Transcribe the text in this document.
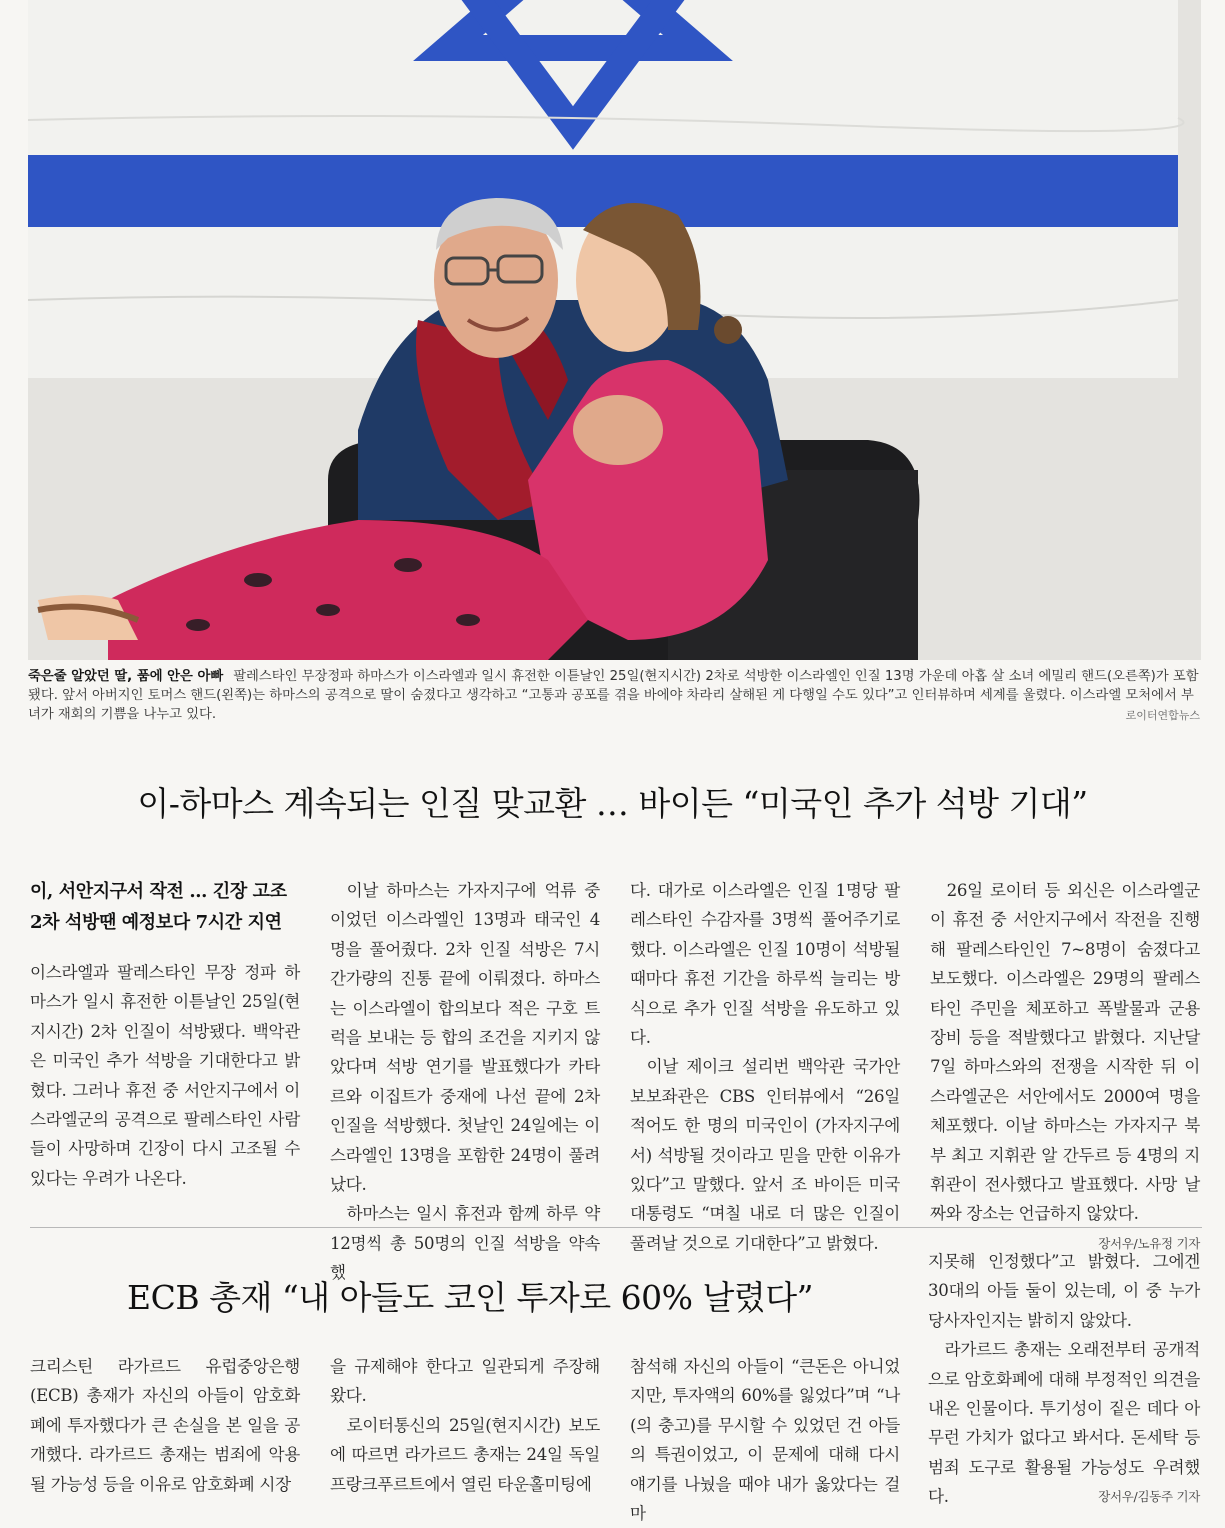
죽은줄 알았던 딸, 품에 안은 아빠 팔레스타인 무장정파 하마스가 이스라엘과 일시 휴전한 이튿날인 25일(현지시간) 2차로 석방한 이스라엘인 인질 13명 가운데 아홉 살 소녀 에밀리 핸드(오른쪽)가 포함됐다. 앞서 아버지인 토머스 핸드(왼쪽)는 하마스의 공격으로 딸이 숨졌다고 생각하고 “고통과 공포를 겪을 바에야 차라리 살해된 게 다행일 수도 있다”고 인터뷰하며 세계를 울렸다. 이스라엘 모처에서 부녀가 재회의 기쁨을 나누고 있다.	로이터연합뉴스
이-하마스 계속되는 인질 맞교환 … 바이든 “미국인 추가 석방 기대”
이, 서안지구서 작전 … 긴장 고조
2차 석방땐 예정보다 7시간 지연
이스라엘과 팔레스타인 무장 정파 하마스가 일시 휴전한 이튿날인 25일(현지시간) 2차 인질이 석방됐다. 백악관은 미국인 추가 석방을 기대한다고 밝혔다. 그러나 휴전 중 서안지구에서 이스라엘군의 공격으로 팔레스타인 사람들이 사망하며 긴장이 다시 고조될 수 있다는 우려가 나온다.
이날 하마스는 가자지구에 억류 중이었던 이스라엘인 13명과 태국인 4명을 풀어줬다. 2차 인질 석방은 7시간가량의 진통 끝에 이뤄졌다. 하마스는 이스라엘이 합의보다 적은 구호 트럭을 보내는 등 합의 조건을 지키지 않았다며 석방 연기를 발표했다가 카타르와 이집트가 중재에 나선 끝에 2차 인질을 석방했다. 첫날인 24일에는 이스라엘인 13명을 포함한 24명이 풀려났다.
하마스는 일시 휴전과 함께 하루 약 12명씩 총 50명의 인질 석방을 약속했
다. 대가로 이스라엘은 인질 1명당 팔레스타인 수감자를 3명씩 풀어주기로 했다. 이스라엘은 인질 10명이 석방될 때마다 휴전 기간을 하루씩 늘리는 방식으로 추가 인질 석방을 유도하고 있다.
이날 제이크 설리번 백악관 국가안보보좌관은 CBS 인터뷰에서 “26일 적어도 한 명의 미국인이 (가자지구에서) 석방될 것이라고 믿을 만한 이유가 있다”고 말했다. 앞서 조 바이든 미국 대통령도 “며칠 내로 더 많은 인질이 풀려날 것으로 기대한다”고 밝혔다.
26일 로이터 등 외신은 이스라엘군이 휴전 중 서안지구에서 작전을 진행해 팔레스타인인 7~8명이 숨졌다고 보도했다. 이스라엘은 29명의 팔레스타인 주민을 체포하고 폭발물과 군용 장비 등을 적발했다고 밝혔다. 지난달 7일 하마스와의 전쟁을 시작한 뒤 이스라엘군은 서안에서도 2000여 명을 체포했다. 이날 하마스는 가자지구 북부 최고 지휘관 알 간두르 등 4명의 지휘관이 전사했다고 발표했다. 사망 날짜와 장소는 언급하지 않았다.
장서우/노유정 기자
ECB 총재 “내 아들도 코인 투자로 60% 날렸다”
크리스틴 라가르드 유럽중앙은행(ECB) 총재가 자신의 아들이 암호화폐에 투자했다가 큰 손실을 본 일을 공개했다. 라가르드 총재는 범죄에 악용될 가능성 등을 이유로 암호화폐 시장
을 규제해야 한다고 일관되게 주장해왔다.
로이터통신의 25일(현지시간) 보도에 따르면 라가르드 총재는 24일 독일 프랑크푸르트에서 열린 타운홀미팅에
참석해 자신의 아들이 “큰돈은 아니었지만, 투자액의 60%를 잃었다”며 “나(의 충고)를 무시할 수 있었던 건 아들의 특권이었고, 이 문제에 대해 다시 얘기를 나눴을 때야 내가 옳았다는 걸 마
지못해 인정했다”고 밝혔다. 그에겐 30대의 아들 둘이 있는데, 이 중 누가 당사자인지는 밝히지 않았다.
라가르드 총재는 오래전부터 공개적으로 암호화폐에 대해 부정적인 의견을 내온 인물이다. 투기성이 짙은 데다 아무런 가치가 없다고 봐서다. 돈세탁 등 범죄 도구로 활용될 가능성도 우려했다.	장서우/김동주 기자
